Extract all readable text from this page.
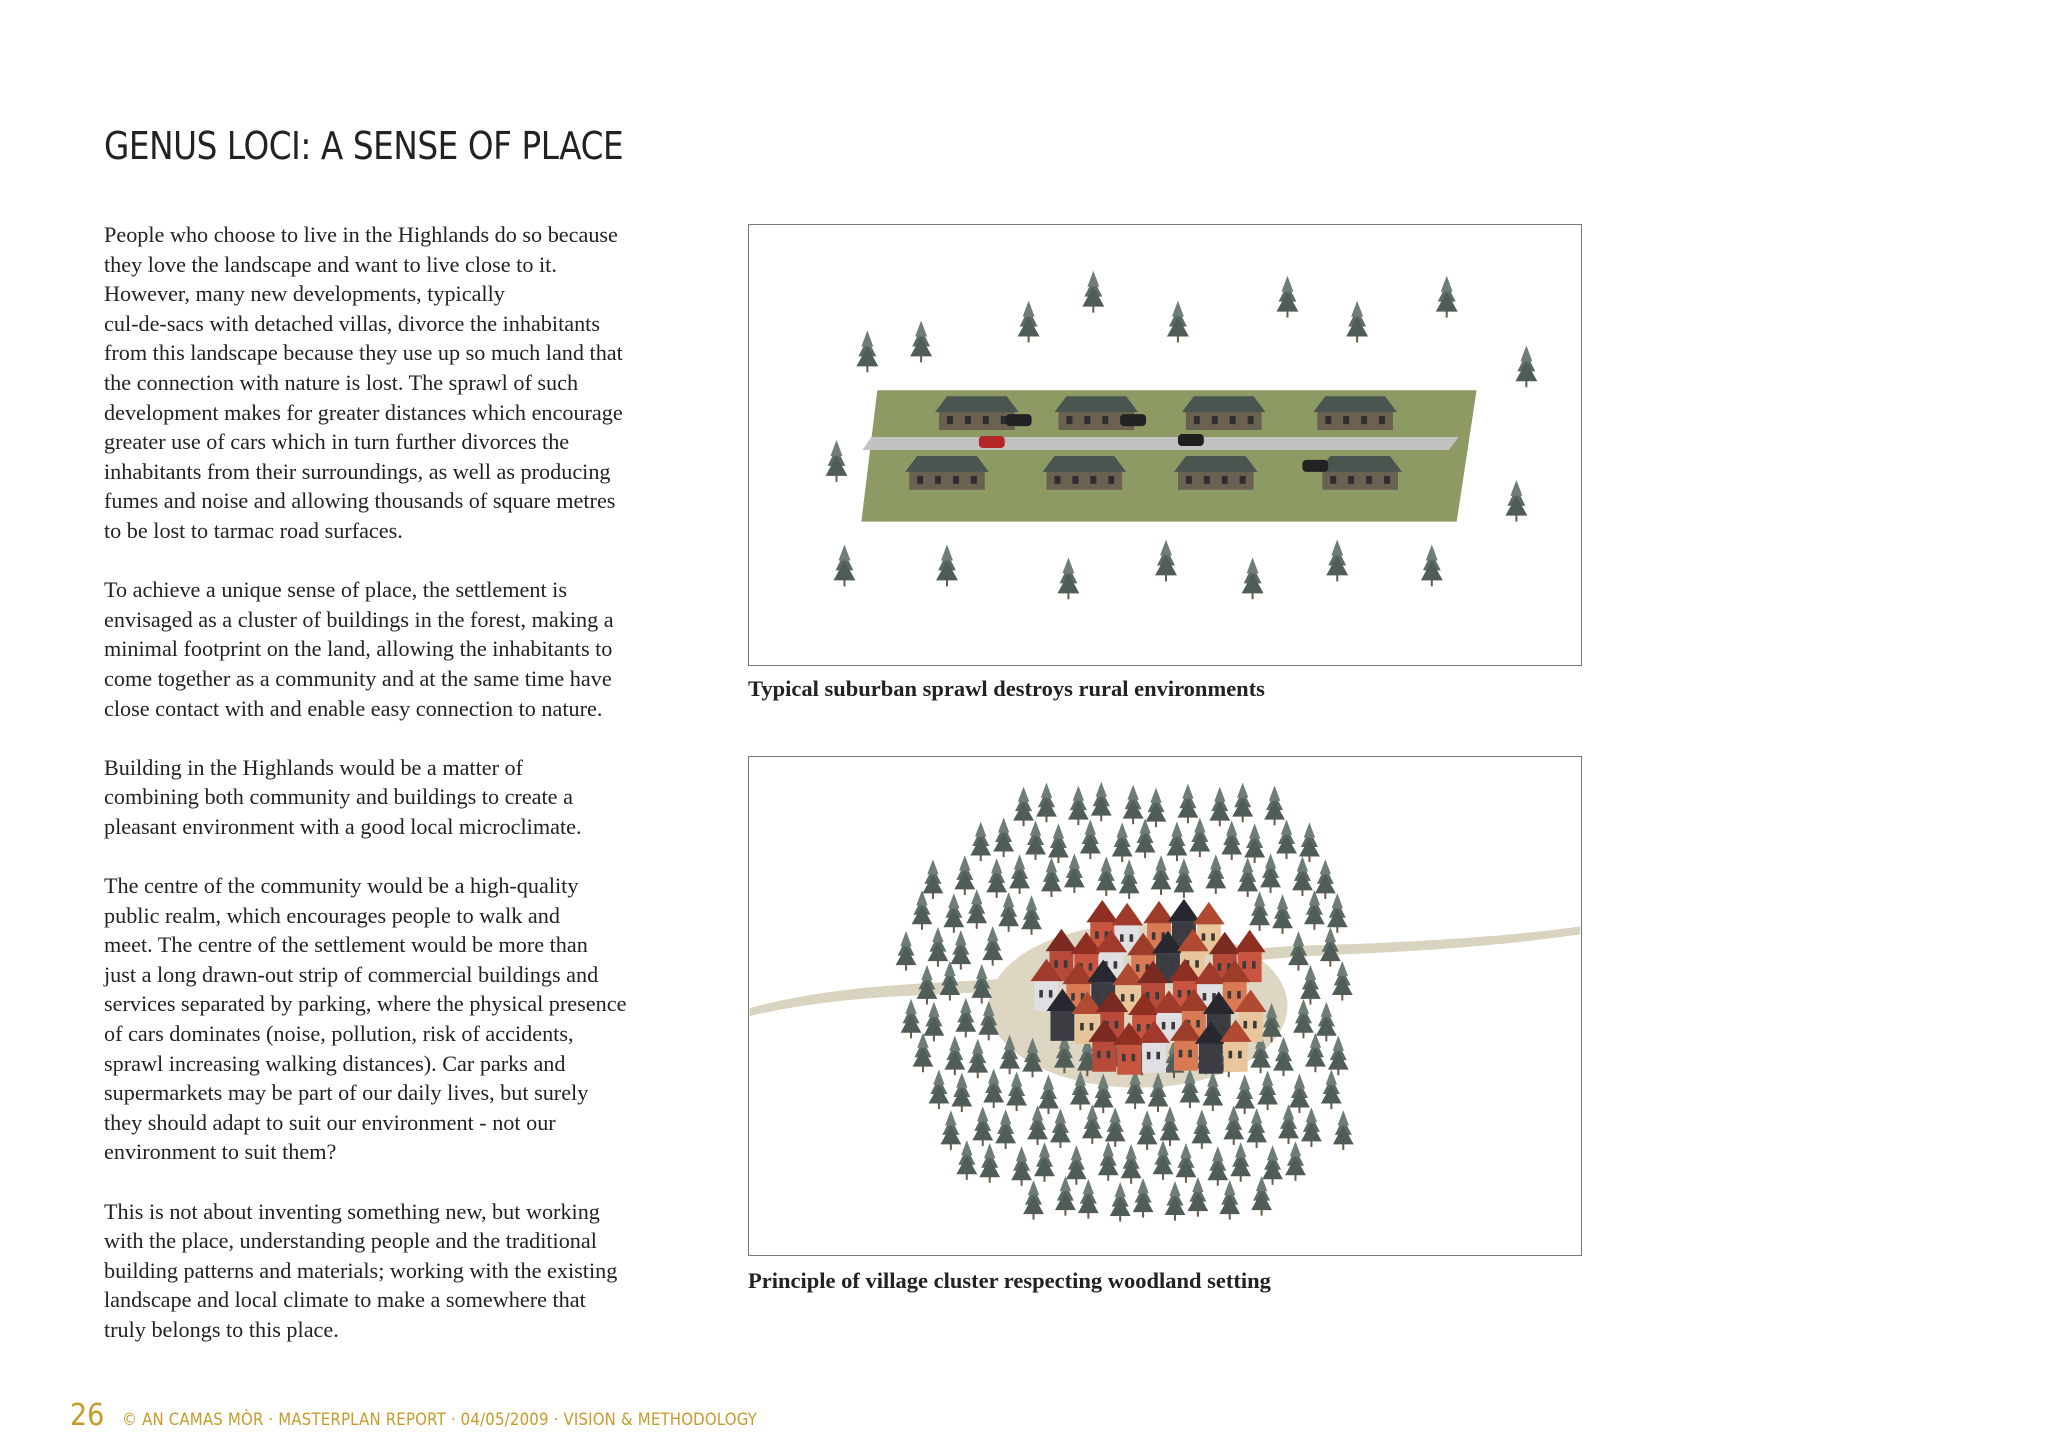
GENUS LOCI: A SENSE OF PLACE

People who choose to live in the Highlands do so because
they love the landscape and want to live close to it.
However, many new developments, typically
cul-de-sacs with detached villas, divorce the inhabitants
from this landscape because they use up so much land that
the connection with nature is lost. The sprawl of such
development makes for greater distances which encourage
greater use of cars which in turn further divorces the
inhabitants from their surroundings, as well as producing
fumes and noise and allowing thousands of square metres
to be lost to tarmac road surfaces.

To achieve a unique sense of place, the settlement is
envisaged as a cluster of buildings in the forest, making a
minimal footprint on the land, allowing the inhabitants to
come together as a community and at the same time have
close contact with and enable easy connection to nature.

Building in the Highlands would be a matter of
combining both community and buildings to create a
pleasant environment with a good local microclimate.

The centre of the community would be a high-quality
public realm, which encourages people to walk and
meet. The centre of the settlement would be more than
just a long drawn-out strip of commercial buildings and
services separated by parking, where the physical presence
of cars dominates (noise, pollution, risk of accidents,
sprawl increasing walking distances). Car parks and
supermarkets may be part of our daily lives, but surely
they should adapt to suit our environment - not our
environment to suit them?

This is not about inventing something new, but working
with the place, understanding people and the traditional
building patterns and materials; working with the existing
landscape and local climate to make a somewhere that
truly belongs to this place.

Typical suburban sprawl destroys rural environments
Principle of village cluster respecting woodland setting
26 © AN CAMAS MÒR · MASTERPLAN REPORT · 04/05/2009 · VISION & METHODOLOGY
